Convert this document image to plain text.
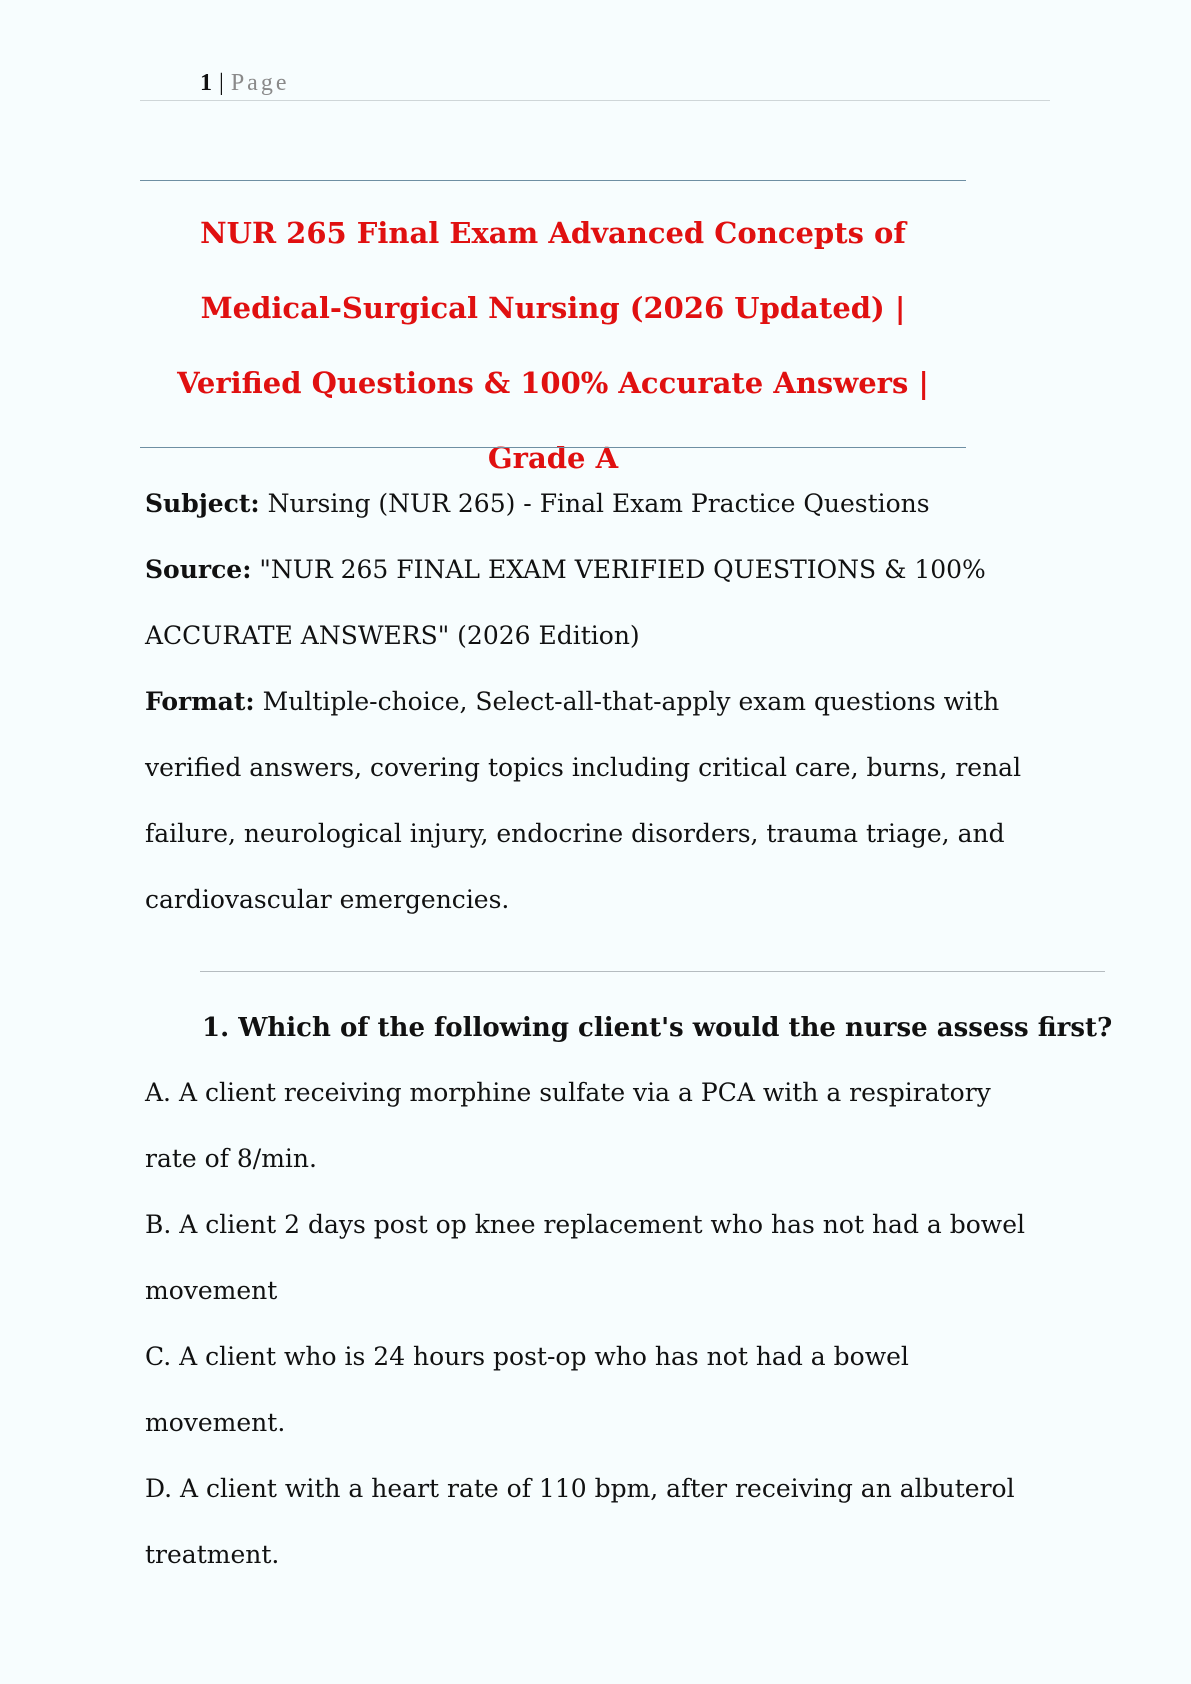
1 | Page
NUR 265 Final Exam Advanced Concepts of Medical-Surgical Nursing (2026 Updated) | Verified Questions & 100% Accurate Answers | Grade A

Subject: Nursing (NUR 265) - Final Exam Practice Questions

Source: "NUR 265 FINAL EXAM VERIFIED QUESTIONS & 100% ACCURATE ANSWERS" (2026 Edition)

Format: Multiple-choice, Select-all-that-apply exam questions with verified answers, covering topics including critical care, burns, renal failure, neurological injury, endocrine disorders, trauma triage, and cardiovascular emergencies.

1. Which of the following client's would the nurse assess first?

A. A client receiving morphine sulfate via a PCA with a respiratory rate of 8/min.

B. A client 2 days post op knee replacement who has not had a bowel movement

C. A client who is 24 hours post-op who has not had a bowel movement.

D. A client with a heart rate of 110 bpm, after receiving an albuterol treatment.
